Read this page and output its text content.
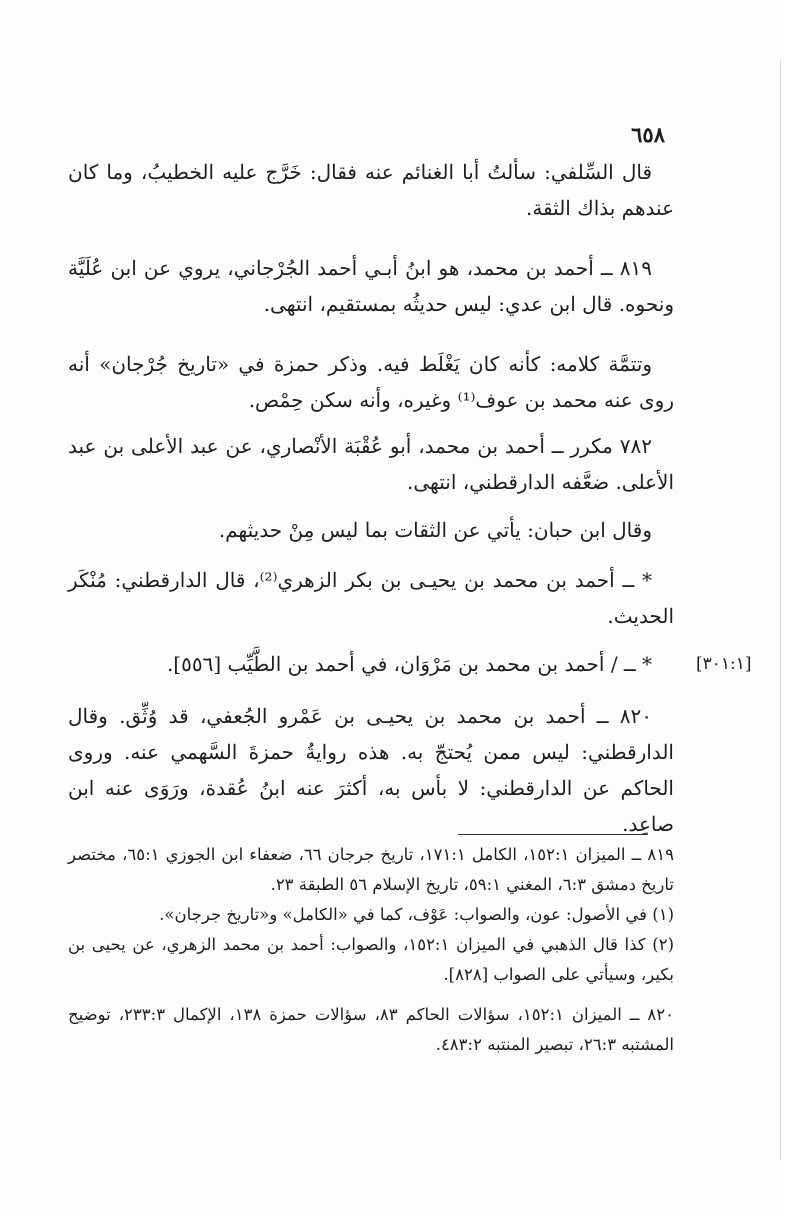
٦٥٨

قال السِّلفي: سألتُ أبا الغنائم عنه فقال: خَرَّج عليه الخطيبُ، وما كان عندهم بذاك الثقة.

٨١٩ ــ أحمد بن محمد، هو ابنُ أبـي أحمد الجُرْجاني، يروي عن ابن عُلَيَّة ونحوه. قال ابن عدي: ليس حديثُه بمستقيم، انتهى.

وتتمَّة كلامه: كأنه كان يَغْلَط فيه. وذكر حمزة في «تاريخ جُرْجان» أنه روى عنه محمد بن عوف⁽¹⁾ وغيره، وأنه سكن حِمْص.

٧٨٢ مكرر ــ أحمد بن محمد، أبو عُقْبَة الأنْصاري، عن عبد الأعلى بن عبد الأعلى. ضعَّفه الدارقطني، انتهى.

وقال ابن حبان: يأتي عن الثقات بما ليس مِنْ حديثهم.

* ــ أحمد بن محمد بن يحيـى بن بكر الزهري⁽²⁾، قال الدارقطني: مُنْكَر الحديث.

[٣٠١:١]

* ــ / أحمد بن محمد بن مَرْوَان، في أحمد بن الطَّيِّب [٥٥٦].

٨٢٠ ــ أحمد بن محمد بن يحيـى بن عَمْرو الجُعفي، قد وُثِّق. وقال الدارقطني: ليس ممن يُحتجّ به. هذه روايةُ حمزةَ السَّهمي عنه. وروى الحاكم عن الدارقطني: لا بأس به، أكثرَ عنه ابنُ عُقدة، ورَوَى عنه ابن صاعِد.

٨١٩ ــ الميزان ١٥٢:١، الكامل ١٧١:١، تاريخ جرجان ٦٦، ضعفاء ابن الجوزي ٦٥:١، مختصر تاريخ دمشق ٦:٣، المغني ٥٩:١، تاريخ الإسلام ٥٦ الطبقة ٢٣.

(١) في الأصول: عون، والصواب: عَوْف، كما في «الكامل» و«تاريخ جرجان».

(٢) كذا قال الذهبي في الميزان ١٥٢:١، والصواب: أحمد بن محمد الزهري، عن يحيى بن بكير، وسيأتي على الصواب [٨٢٨].

٨٢٠ ــ الميزان ١٥٢:١، سؤالات الحاكم ٨٣، سؤالات حمزة ١٣٨، الإكمال ٢٣٣:٣، توضيح المشتبه ٢٦:٣، تبصير المنتبه ٤٨٣:٢.
